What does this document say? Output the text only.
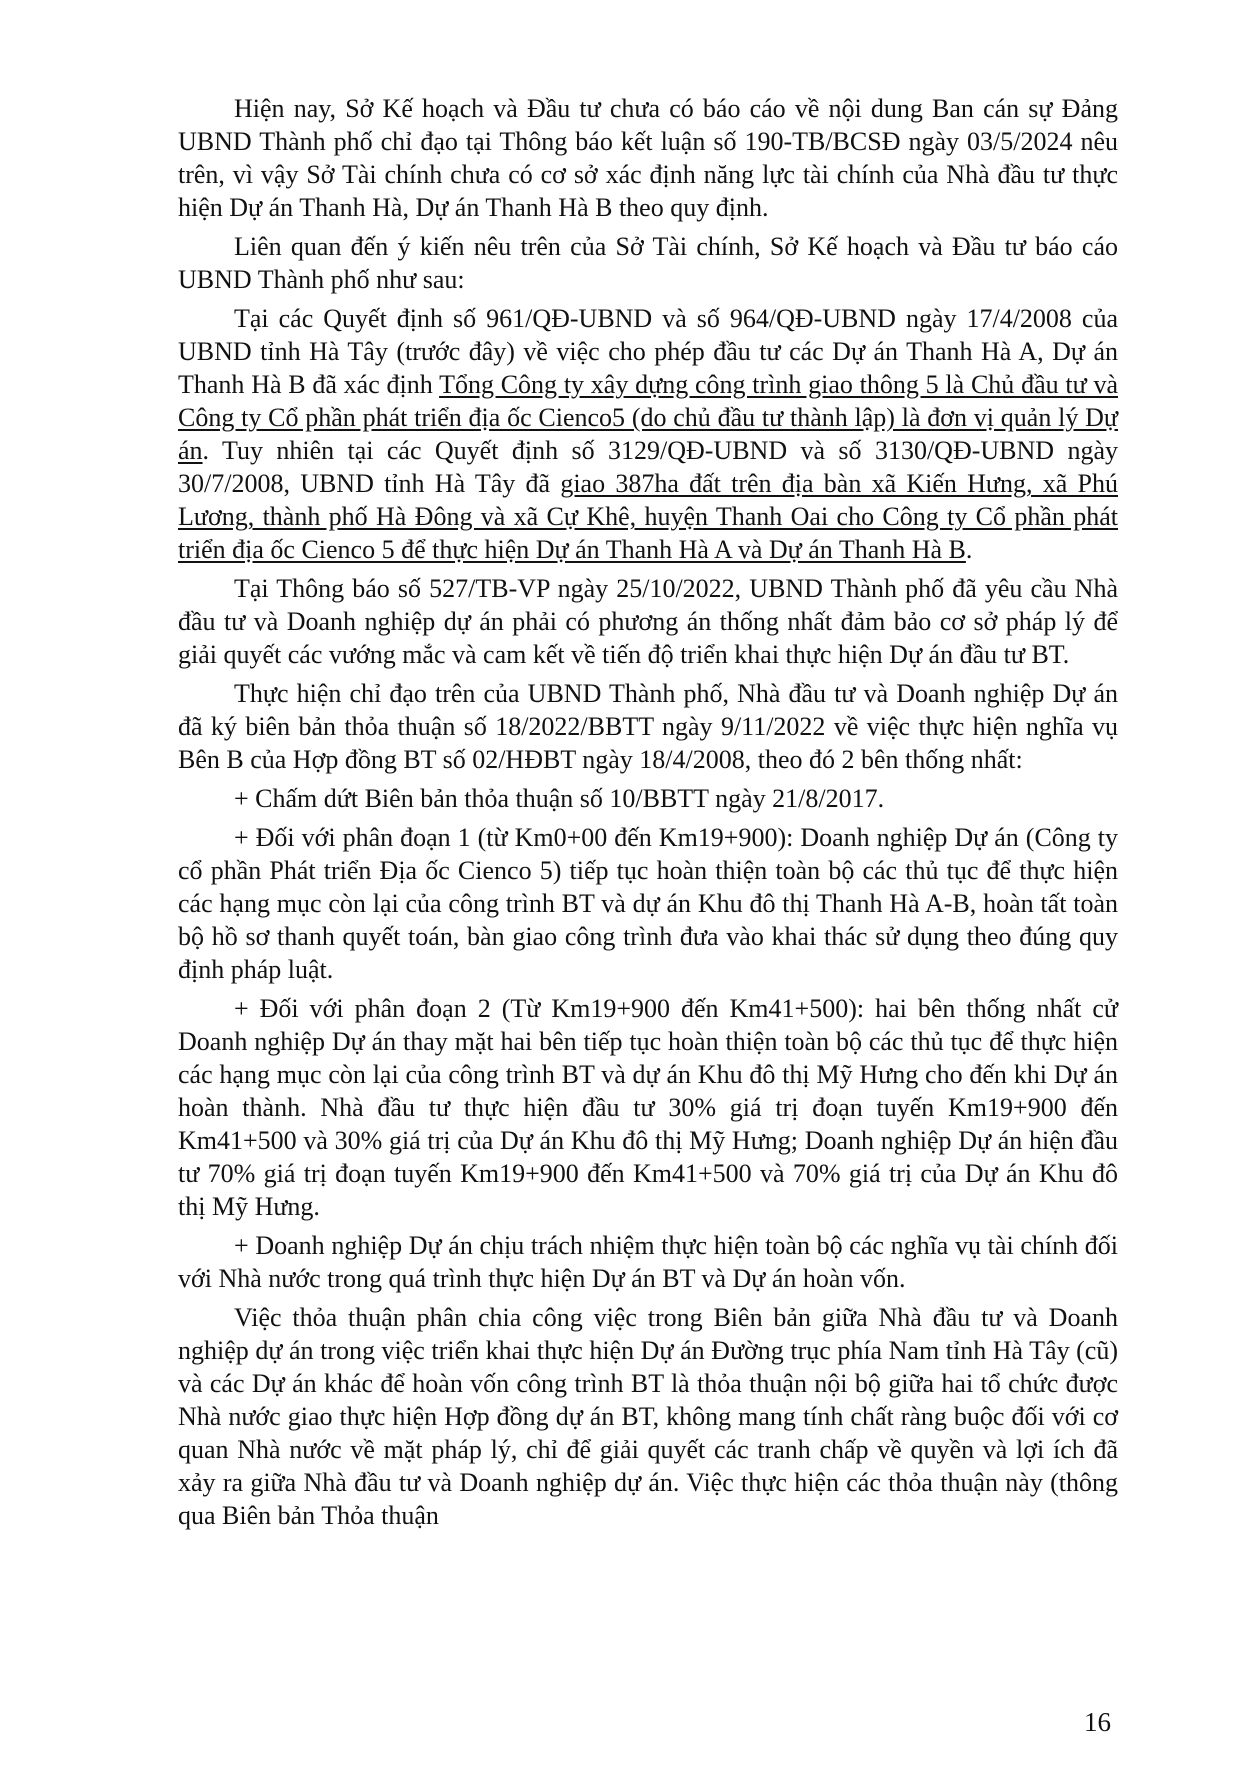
Hiện nay, Sở Kế hoạch và Đầu tư chưa có báo cáo về nội dung Ban cán sự Đảng UBND Thành phố chỉ đạo tại Thông báo kết luận số 190-TB/BCSĐ ngày 03/5/2024 nêu trên, vì vậy Sở Tài chính chưa có cơ sở xác định năng lực tài chính của Nhà đầu tư thực hiện Dự án Thanh Hà, Dự án Thanh Hà B theo quy định.

Liên quan đến ý kiến nêu trên của Sở Tài chính, Sở Kế hoạch và Đầu tư báo cáo UBND Thành phố như sau:

Tại các Quyết định số 961/QĐ-UBND và số 964/QĐ-UBND ngày 17/4/2008 của UBND tỉnh Hà Tây (trước đây) về việc cho phép đầu tư các Dự án Thanh Hà A, Dự án Thanh Hà B đã xác định Tổng Công ty xây dựng công trình giao thông 5 là Chủ đầu tư và Công ty Cổ phần phát triển địa ốc Cienco5 (do chủ đầu tư thành lập) là đơn vị quản lý Dự án. Tuy nhiên tại các Quyết định số 3129/QĐ-UBND và số 3130/QĐ-UBND ngày 30/7/2008, UBND tỉnh Hà Tây đã giao 387ha đất trên địa bàn xã Kiến Hưng, xã Phú Lương, thành phố Hà Đông và xã Cự Khê, huyện Thanh Oai cho Công ty Cổ phần phát triển địa ốc Cienco 5 để thực hiện Dự án Thanh Hà A và Dự án Thanh Hà B.

Tại Thông báo số 527/TB-VP ngày 25/10/2022, UBND Thành phố đã yêu cầu Nhà đầu tư và Doanh nghiệp dự án phải có phương án thống nhất đảm bảo cơ sở pháp lý để giải quyết các vướng mắc và cam kết về tiến độ triển khai thực hiện Dự án đầu tư BT.

Thực hiện chỉ đạo trên của UBND Thành phố, Nhà đầu tư và Doanh nghiệp Dự án đã ký biên bản thỏa thuận số 18/2022/BBTT ngày 9/11/2022 về việc thực hiện nghĩa vụ Bên B của Hợp đồng BT số 02/HĐBT ngày 18/4/2008, theo đó 2 bên thống nhất:

+ Chấm dứt Biên bản thỏa thuận số 10/BBTT ngày 21/8/2017.

+ Đối với phân đoạn 1 (từ Km0+00 đến Km19+900): Doanh nghiệp Dự án (Công ty cổ phần Phát triển Địa ốc Cienco 5) tiếp tục hoàn thiện toàn bộ các thủ tục để thực hiện các hạng mục còn lại của công trình BT và dự án Khu đô thị Thanh Hà A-B, hoàn tất toàn bộ hồ sơ thanh quyết toán, bàn giao công trình đưa vào khai thác sử dụng theo đúng quy định pháp luật.

+ Đối với phân đoạn 2 (Từ Km19+900 đến Km41+500): hai bên thống nhất cử Doanh nghiệp Dự án thay mặt hai bên tiếp tục hoàn thiện toàn bộ các thủ tục để thực hiện các hạng mục còn lại của công trình BT và dự án Khu đô thị Mỹ Hưng cho đến khi Dự án hoàn thành. Nhà đầu tư thực hiện đầu tư 30% giá trị đoạn tuyến Km19+900 đến Km41+500 và 30% giá trị của Dự án Khu đô thị Mỹ Hưng; Doanh nghiệp Dự án hiện đầu tư 70% giá trị đoạn tuyến Km19+900 đến Km41+500 và 70% giá trị của Dự án Khu đô thị Mỹ Hưng.

+ Doanh nghiệp Dự án chịu trách nhiệm thực hiện toàn bộ các nghĩa vụ tài chính đối với Nhà nước trong quá trình thực hiện Dự án BT và Dự án hoàn vốn.

Việc thỏa thuận phân chia công việc trong Biên bản giữa Nhà đầu tư và Doanh nghiệp dự án trong việc triển khai thực hiện Dự án Đường trục phía Nam tỉnh Hà Tây (cũ) và các Dự án khác để hoàn vốn công trình BT là thỏa thuận nội bộ giữa hai tổ chức được Nhà nước giao thực hiện Hợp đồng dự án BT, không mang tính chất ràng buộc đối với cơ quan Nhà nước về mặt pháp lý, chỉ để giải quyết các tranh chấp về quyền và lợi ích đã xảy ra giữa Nhà đầu tư và Doanh nghiệp dự án. Việc thực hiện các thỏa thuận này (thông qua Biên bản Thỏa thuận

16
